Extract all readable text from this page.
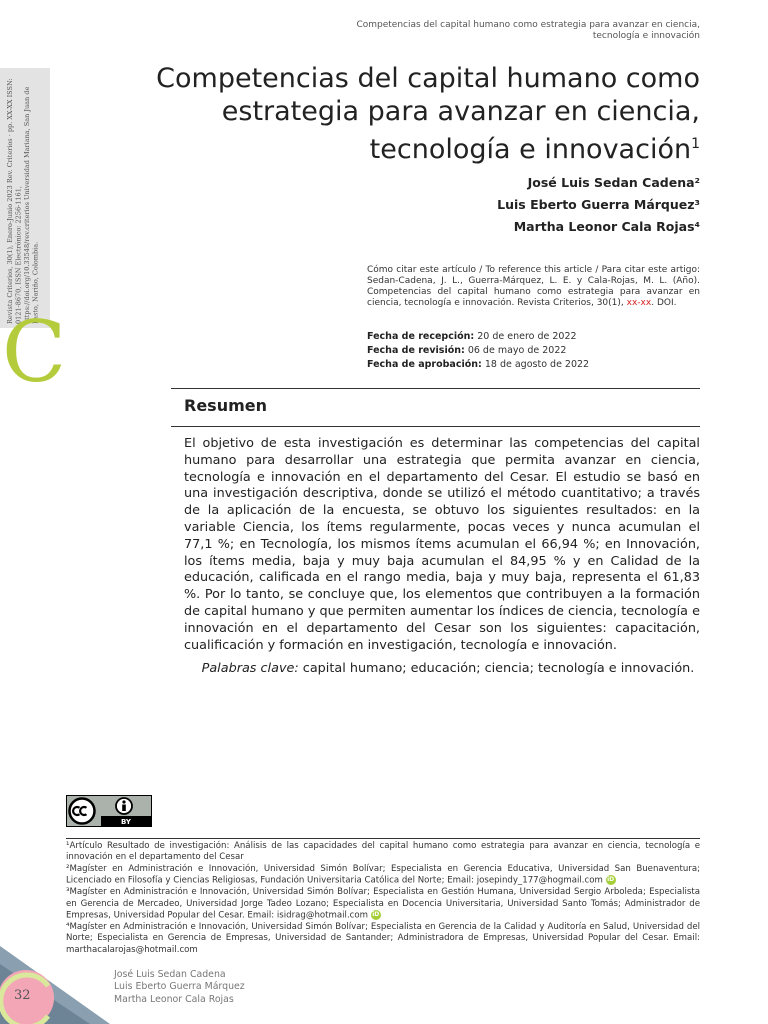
Competencias del capital humano como estrategia para avanzar en ciencia, tecnología e innovación
Revista Criterios, 30(1), Enero-Junio 2023 Rev. Criterios · pp. XX-XX ISSN: 0121-8670, ISSN Electrónico: 2256-1161, https://doi.org/10.33548/rev.criterios Universidad Mariana, San Juan de Pasto, Nariño, Colombia.
C
Competencias del capital humano como estrategia para avanzar en ciencia, tecnología e innovación$^1$
José Luis Sedan Cadena²
Luis Eberto Guerra Márquez³
Martha Leonor Cala Rojas⁴
Cómo citar este artículo / To reference this article / Para citar este artigo: Sedan-Cadena, J. L., Guerra-Márquez, L. E. y Cala-Rojas, M. L. (Año). Competencias del capital humano como estrategia para avanzar en ciencia, tecnología e innovación. Revista Criterios, 30(1), xx-xx. DOI.
Fecha de recepción: 20 de enero de 2022
Fecha de revisión: 06 de mayo de 2022
Fecha de aprobación: 18 de agosto de 2022
Resumen
El objetivo de esta investigación es determinar las competencias del capital humano para desarrollar una estrategia que permita avanzar en ciencia, tecnología e innovación en el departamento del Cesar. El estudio se basó en una investigación descriptiva, donde se utilizó el método cuantitativo; a través de la aplicación de la encuesta, se obtuvo los siguientes resultados: en la variable Ciencia, los ítems regularmente, pocas veces y nunca acumulan el 77,1 %; en Tecnología, los mismos ítems acumulan el 66,94 %; en Innovación, los ítems media, baja y muy baja acumulan el 84,95 % y en Calidad de la educación, calificada en el rango media, baja y muy baja, representa el 61,83 %. Por lo tanto, se concluye que, los elementos que contribuyen a la formación de capital humano y que permiten aumentar los índices de ciencia, tecnología e innovación en el departamento del Cesar son los siguientes: capacitación, cualificación y formación en investigación, tecnología e innovación.
Palabras clave: capital humano; educación; ciencia; tecnología e innovación.
BY
¹Artículo Resultado de investigación: Análisis de las capacidades del capital humano como estrategia para avanzar en ciencia, tecnología e innovación en el departamento del Cesar
²Magíster en Administración e Innovación, Universidad Simón Bolívar; Especialista en Gerencia Educativa, Universidad San Buenaventura; Licenciado en Filosofía y Ciencias Religiosas, Fundación Universitaria Católica del Norte; Email: josepindy_177@hogmail.com iD
³Magíster en Administración e Innovación, Universidad Simón Bolívar; Especialista en Gestión Humana, Universidad Sergio Arboleda; Especialista en Gerencia de Mercadeo, Universidad Jorge Tadeo Lozano; Especialista en Docencia Universitaria, Universidad Santo Tomás; Administrador de Empresas, Universidad Popular del Cesar. Email: isidrag@hotmail.com iD
⁴Magíster en Administración e Innovación, Universidad Simón Bolívar; Especialista en Gerencia de la Calidad y Auditoría en Salud, Universidad del Norte; Especialista en Gerencia de Empresas, Universidad de Santander; Administradora de Empresas, Universidad Popular del Cesar. Email: marthacalarojas@hotmail.com
32
José Luis Sedan Cadena
Luis Eberto Guerra Márquez
Martha Leonor Cala Rojas
